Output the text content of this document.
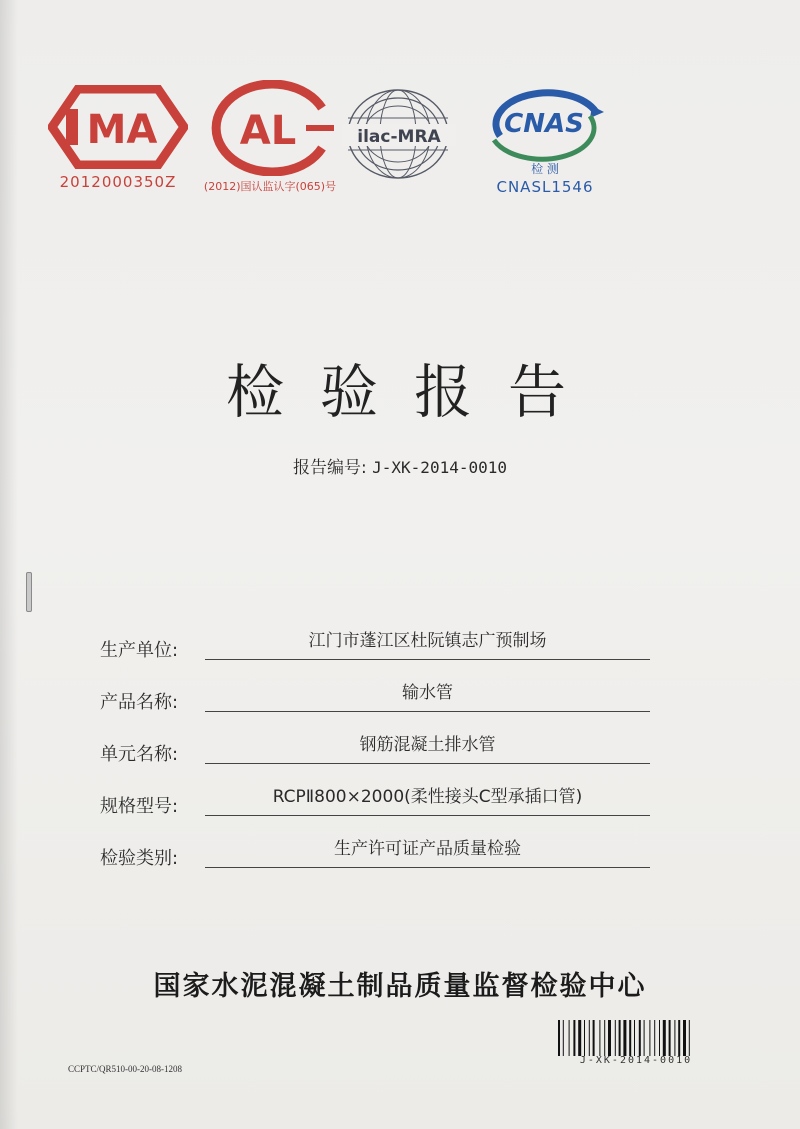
MA
2012000350Z
AL
(2012)国认监认字(065)号
ilac-MRA CNAS
检 测
CNASL1546
检验报告
报告编号: J-XK-2014-0010
生产单位:	江门市蓬江区杜阮镇志广预制场
产品名称:	输水管
单元名称:	钢筋混凝土排水管
规格型号:	RCPⅡ800×2000(柔性接头C型承插口管)
检验类别:	生产许可证产品质量检验
国家水泥混凝土制品质量监督检验中心
J-XK-2014-0010
CCPTC/QR510-00-20-08-1208
